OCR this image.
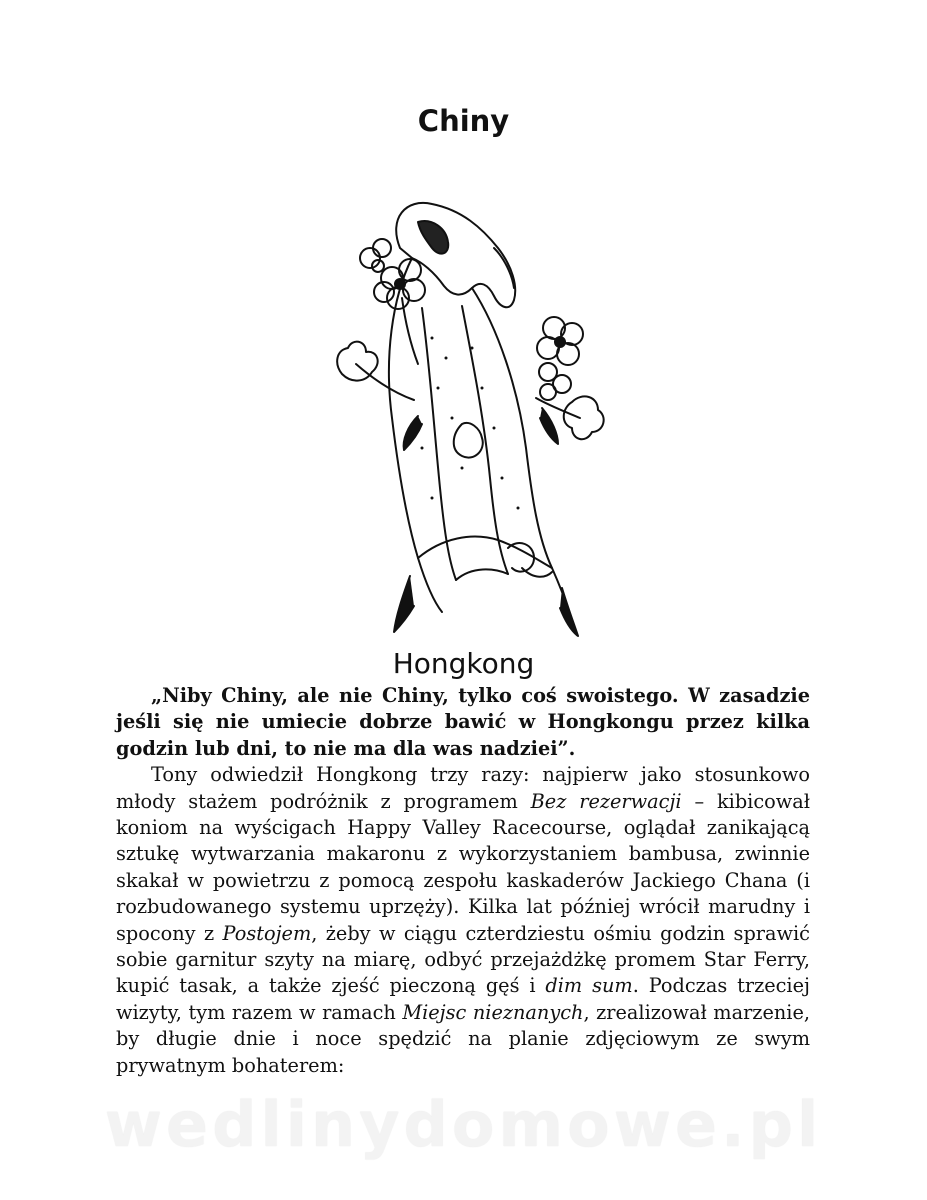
Chiny
Hongkong

„Niby Chiny, ale nie Chiny, tylko coś swoistego. W zasadzie jeśli się nie umiecie dobrze bawić w Hongkongu przez kilka godzin lub dni, to nie ma dla was nadziei”.

Tony odwiedził Hongkong trzy razy: najpierw jako stosunkowo młody stażem podróżnik z programem Bez rezerwacji – kibicował koniom na wyścigach Happy Valley Racecourse, oglądał zanikającą sztukę wytwarzania makaronu z wykorzystaniem bambusa, zwinnie skakał w powietrzu z pomocą zespołu kaskaderów Jackiego Chana (i rozbudowanego systemu uprzęży). Kilka lat później wrócił marudny i spocony z Postojem, żeby w ciągu czterdziestu ośmiu godzin sprawić sobie garnitur szyty na miarę, odbyć przejażdżkę promem Star Ferry, kupić tasak, a także zjeść pieczoną gęś i dim sum. Podczas trzeciej wizyty, tym razem w ramach Miejsc nieznanych, zrealizował marzenie, by długie dnie i noce spędzić na planie zdjęciowym ze swym prywatnym bohaterem:

wedlinydomowe.pl
